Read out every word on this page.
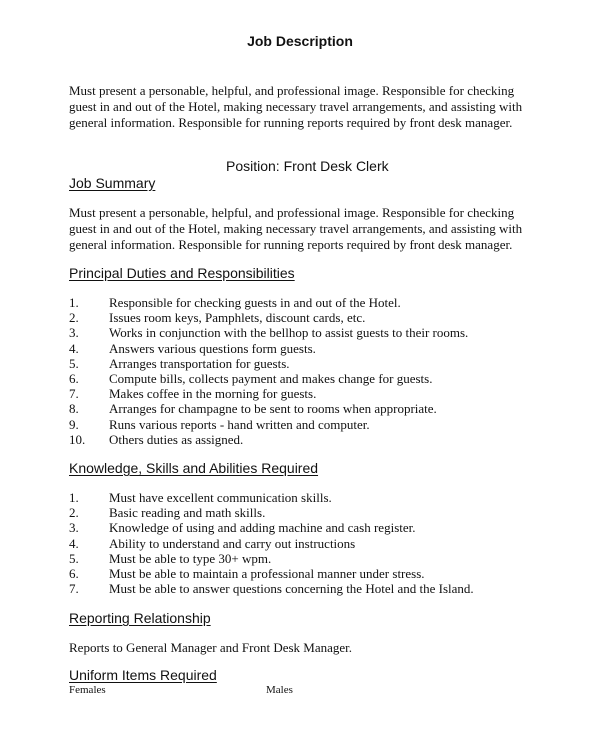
Job Description
Must present a personable, helpful, and professional image. Responsible for checking
guest in and out of the Hotel, making necessary travel arrangements, and assisting with
general information. Responsible for running reports required by front desk manager.
Position: Front Desk Clerk
Job Summary
Must present a personable, helpful, and professional image. Responsible for checking
guest in and out of the Hotel, making necessary travel arrangements, and assisting with
general information. Responsible for running reports required by front desk manager.
Principal Duties and Responsibilities
1. Responsible for checking guests in and out of the Hotel.
2. Issues room keys, Pamphlets, discount cards, etc.
3. Works in conjunction with the bellhop to assist guests to their rooms.
4. Answers various questions form guests.
5. Arranges transportation for guests.
6. Compute bills, collects payment and makes change for guests.
7. Makes coffee in the morning for guests.
8. Arranges for champagne to be sent to rooms when appropriate.
9. Runs various reports - hand written and computer.
10. Others duties as assigned.
Knowledge, Skills and Abilities Required
1. Must have excellent communication skills.
2. Basic reading and math skills.
3. Knowledge of using and adding machine and cash register.
4. Ability to understand and carry out instructions
5. Must be able to type 30+ wpm.
6. Must be able to maintain a professional manner under stress.
7. Must be able to answer questions concerning the Hotel and the Island.
Reporting Relationship
Reports to General Manager and Front Desk Manager.
Uniform Items Required
Females	Males
